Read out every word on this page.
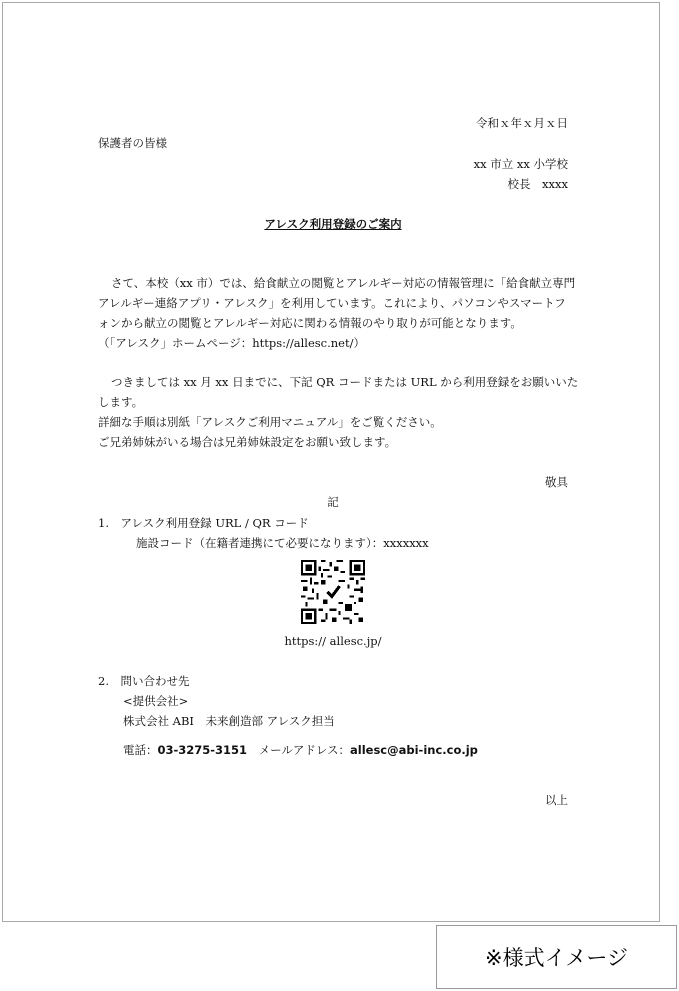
令和ｘ年ｘ月ｘ日
保護者の皆様
xx 市立 xx 小学校
校長　xxxx
アレスク利用登録のご案内
さて、本校（xx 市）では、給食献立の閲覧とアレルギー対応の情報管理に「給食献立専門
アレルギー連絡アプリ・アレスク」を利用しています。これにより、パソコンやスマートフ
ォンから献立の閲覧とアレルギー対応に関わる情報のやり取りが可能となります。
（「アレスク」ホームページ：https://allesc.net/）
つきましては xx 月 xx 日までに、下記 QR コードまたは URL から利用登録をお願いいた
します。
詳細な手順は別紙「アレスクご利用マニュアル」をご覧ください。
ご兄弟姉妹がいる場合は兄弟姉妹設定をお願い致します。
敬具
記
1.　アレスク利用登録 URL / QR コード
施設コード（在籍者連携にて必要になります）：xxxxxxx
https:// allesc.jp/
2.　問い合わせ先
<提供会社>
株式会社 ABI　未来創造部 アレスク担当
電話：03-3275-3151　メールアドレス：allesc@abi-inc.co.jp
以上
※様式イメージ
